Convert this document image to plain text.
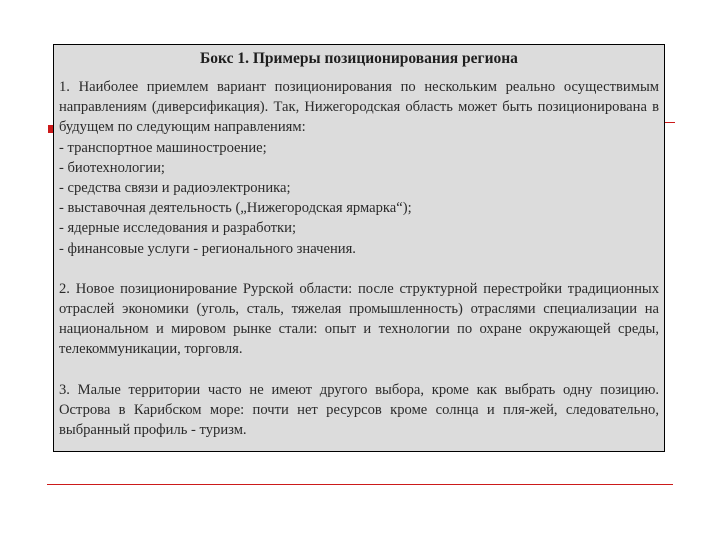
Бокс 1. Примеры позиционирования региона

1. Наиболее приемлем вариант позиционирования по нескольким реально осуществимым направлениям (диверсификация). Так, Нижегородская область может быть позиционирована в будущем по следующим направлениям:

- транспортное машиностроение;
- биотехнологии;
- средства связи и радиоэлектроника;
- выставочная деятельность („Нижегородская ярмарка“);
- ядерные исследования и разработки;
- финансовые услуги - регионального значения.

2. Новое позиционирование Рурской области: после структурной перестройки традиционных отраслей экономики (уголь, сталь, тяжелая промышленность) отраслями специализации на национальном и мировом рынке стали: опыт и технологии по охране окружающей среды, телекоммуникации, торговля.

3. Малые территории часто не имеют другого выбора, кроме как выбрать одну позицию. Острова в Карибском море: почти нет ресурсов кроме солнца и пля-жей, следовательно, выбранный профиль - туризм.
